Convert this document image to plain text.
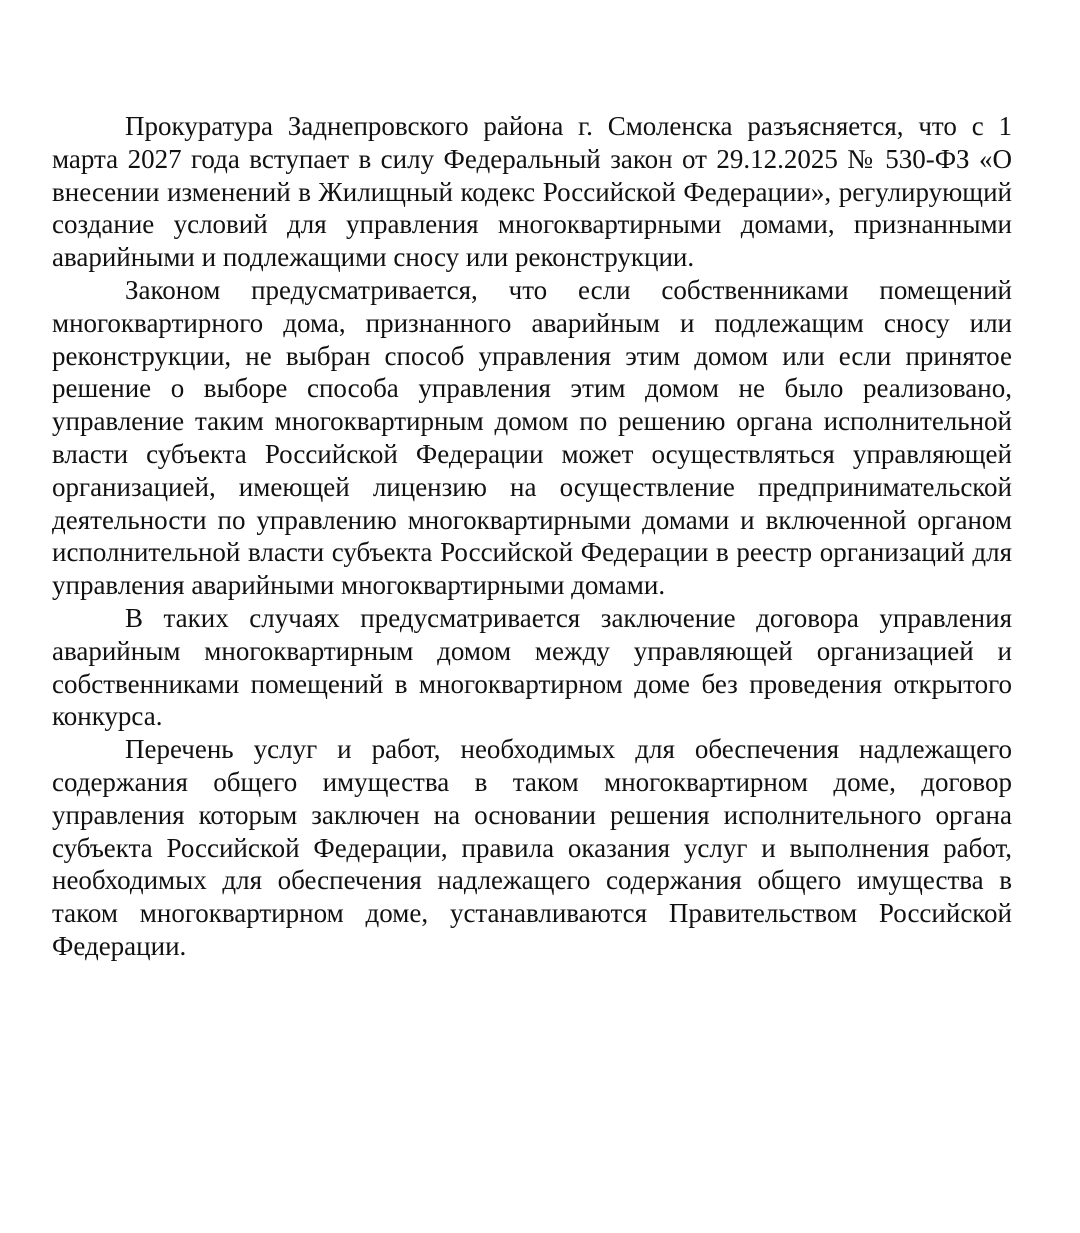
Прокуратура Заднепровского района г. Смоленска разъясняется, что с 1 марта 2027 года вступает в силу Федеральный закон от 29.12.2025 № 530-ФЗ «О внесении изменений в Жилищный кодекс Российской Федерации», регулирующий создание условий для управления многоквартирными домами, признанными аварийными и подлежащими сносу или реконструкции.

Законом предусматривается, что если собственниками помещений многоквартирного дома, признанного аварийным и подлежащим сносу или реконструкции, не выбран способ управления этим домом или если принятое решение о выборе способа управления этим домом не было реализовано, управление таким многоквартирным домом по решению органа исполнительной власти субъекта Российской Федерации может осуществляться управляющей организацией, имеющей лицензию на осуществление предпринимательской деятельности по управлению многоквартирными домами и включенной органом исполнительной власти субъекта Российской Федерации в реестр организаций для управления аварийными многоквартирными домами.

В таких случаях предусматривается заключение договора управления аварийным многоквартирным домом между управляющей организацией и собственниками помещений в многоквартирном доме без проведения открытого конкурса.

Перечень услуг и работ, необходимых для обеспечения надлежащего содержания общего имущества в таком многоквартирном доме, договор управления которым заключен на основании решения исполнительного органа субъекта Российской Федерации, правила оказания услуг и выполнения работ, необходимых для обеспечения надлежащего содержания общего имущества в таком многоквартирном доме, устанавливаются Правительством Российской Федерации.
